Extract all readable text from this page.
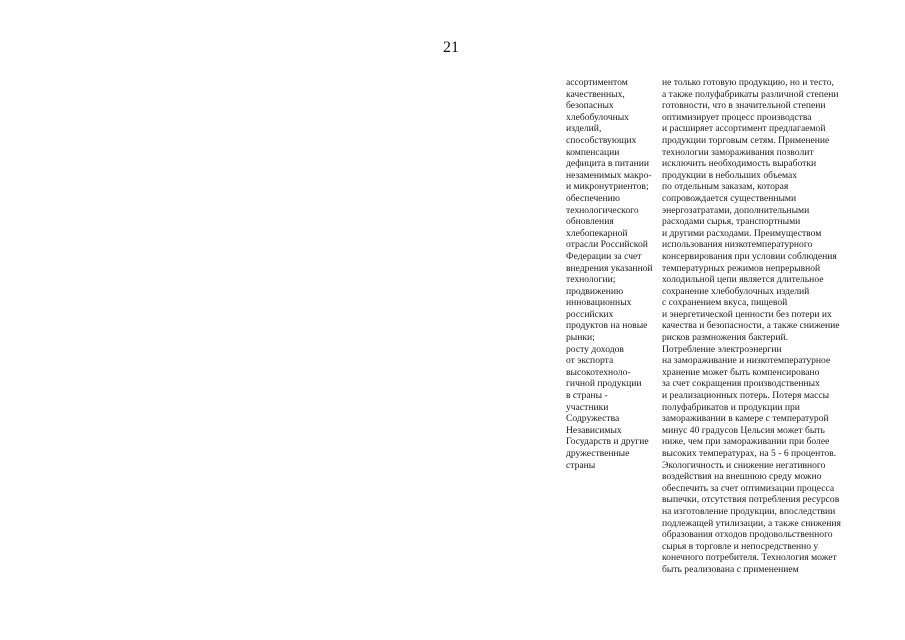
21
ассортиментом
качественных,
безопасных
хлебобулочных
изделий,
способствующих
компенсации
дефицита в питании
незаменимых макро-
и микронутриентов;
обеспечению
технологического
обновления
хлебопекарной
отрасли Российской
Федерации за счет
внедрения указанной
технологии;
продвижению
инновационных
российских
продуктов на новые
рынки;
росту доходов
от экспорта
высокотехноло-
гичной продукции
в страны -
участники
Содружества
Независимых
Государств и другие
дружественные
страны
не только готовую продукцию, но и тесто,
а также полуфабрикаты различной степени
готовности, что в значительной степени
оптимизирует процесс производства
и расширяет ассортимент предлагаемой
продукции торговым сетям. Применение
технологии замораживания позволит
исключить необходимость выработки
продукции в небольших объемах
по отдельным заказам, которая
сопровождается существенными
энергозатратами, дополнительными
расходами сырья, транспортными
и другими расходами. Преимуществом
использования низкотемпературного
консервирования при условии соблюдения
температурных режимов непрерывной
холодильной цепи является длительное
сохранение хлебобулочных изделий
с сохранением вкуса, пищевой
и энергетической ценности без потери их
качества и безопасности, а также снижение
рисков размножения бактерий.
Потребление электроэнергии
на замораживание и низкотемпературное
хранение может быть компенсировано
за счет сокращения производственных
и реализационных потерь. Потеря массы
полуфабрикатов и продукции при
замораживании в камере с температурой
минус 40 градусов Цельсия может быть
ниже, чем при замораживании при более
высоких температурах, на 5 - 6 процентов.
Экологичность и снижение негативного
воздействия на внешнюю среду можно
обеспечить за счет оптимизации процесса
выпечки, отсутствия потребления ресурсов
на изготовление продукции, впоследствии
подлежащей утилизации, а также снижения
образования отходов продовольственного
сырья в торговле и непосредственно у
конечного потребителя. Технология может
быть реализована с применением
